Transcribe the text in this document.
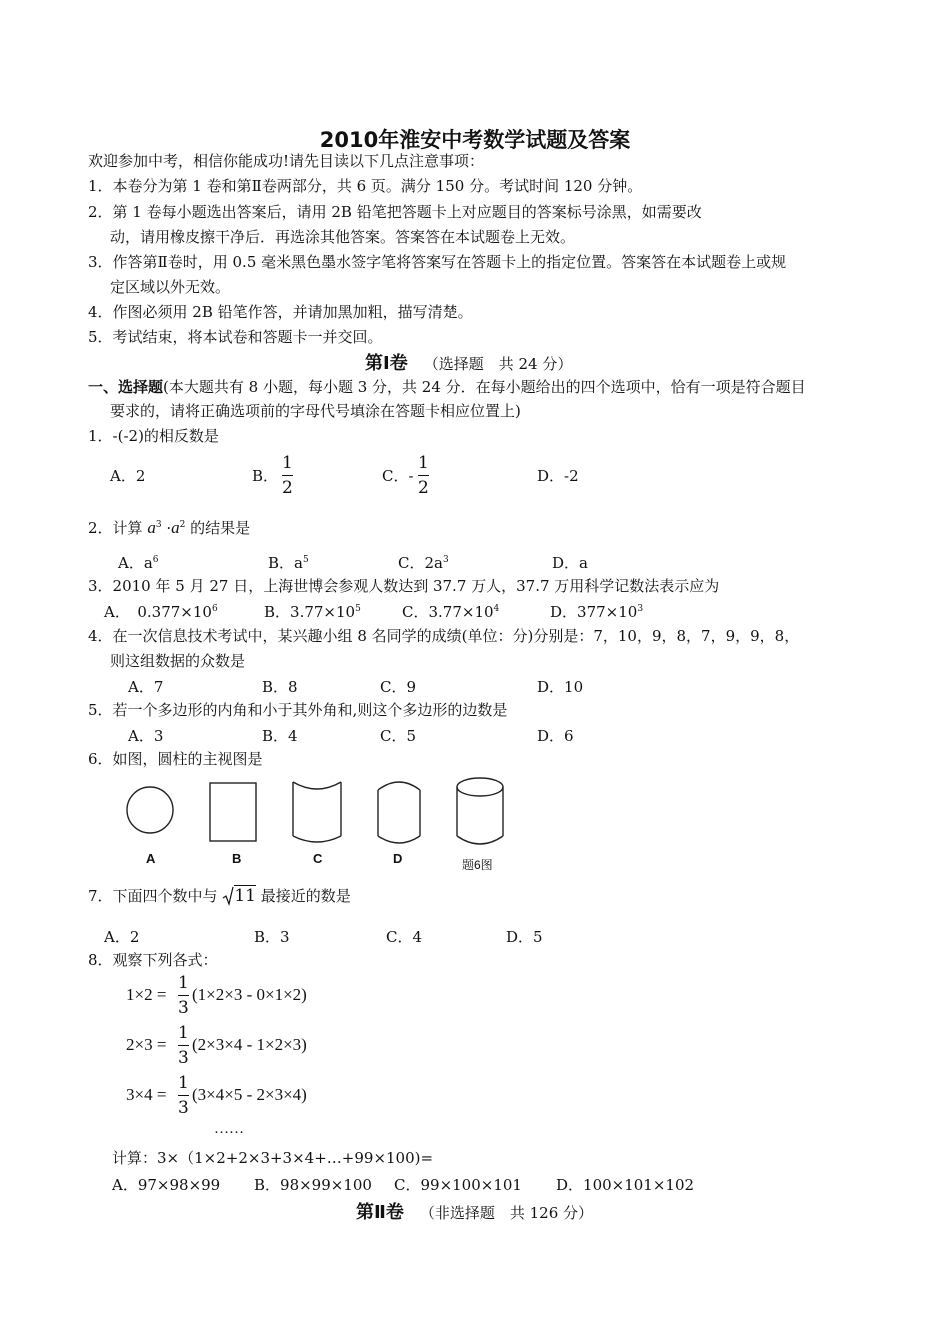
2010年淮安中考数学试题及答案
欢迎参加中考，相信你能成功!请先目读以下几点注意事项：
1．本卷分为第 1 卷和第Ⅱ卷两部分，共 6 页。满分 150 分。考试时间 120 分钟。
2．第 1 卷每小题选出答案后，请用 2B 铅笔把答题卡上对应题目的答案标号涂黑，如需要改
动，请用橡皮擦干净后．再选涂其他答案。答案答在本试题卷上无效。
3．作答第Ⅱ卷时，用 0.5 毫米黑色墨水签字笔将答案写在答题卡上的指定位置。答案答在本试题卷上或规
定区域以外无效。
4．作图必须用 2B 铅笔作答，并请加黑加粗，描写清楚。
5．考试结束，将本试卷和答题卡一并交回。
第Ⅰ卷 （选择题　共 24 分）
一、选择题(本大题共有 8 小题，每小题 3 分，共 24 分．在每小题给出的四个选项中，恰有一项是符合题目
要求的，请将正确选项前的字母代号填涂在答题卡相应位置上)
1．-(-2)的相反数是
A．2	B．
1
2
C．-
1
2
D．-2
2．计算 $a^3 \cdot a^2$ 的结果是
A．$a^6$	B．$a^5$	C．$2a^3$	D．a
3．2010 年 5 月 27 日，上海世博会参观人数达到 37.7 万人，37.7 万用科学记数法表示应为
A．　$0.377\times 10^6$	B．$3.77\times 10^5$	C．$3.77\times 10^4$	D．$377\times 10^3$
4．在一次信息技术考试中，某兴趣小组 8 名同学的成绩(单位：分)分别是：7，10，9，8，7，9，9，8，
则这组数据的众数是
A．7	B．8	C．9	D．10
5．若一个多边形的内角和小于其外角和,则这个多边形的边数是
A．3	B．4	C．5	D．6
6．如图，圆柱的主视图是
A	B	C	D	题6图
7．下面四个数中与 11 最接近的数是
A．2	B．3	C．4	D．5
8．观察下列各式：
1×2 =
1
3
(1×2×3 - 0×1×2)
2×3 =
1
3
(2×3×4 - 1×2×3)
3×4 =
1
3
(3×4×5 - 2×3×4)
……
计算：3×（1×2+2×3+3×4+…+99×100)=
A．97×98×99 B．98×99×100 C．99×100×101 D．100×101×102
第Ⅱ卷 （非选择题　共 126 分）
